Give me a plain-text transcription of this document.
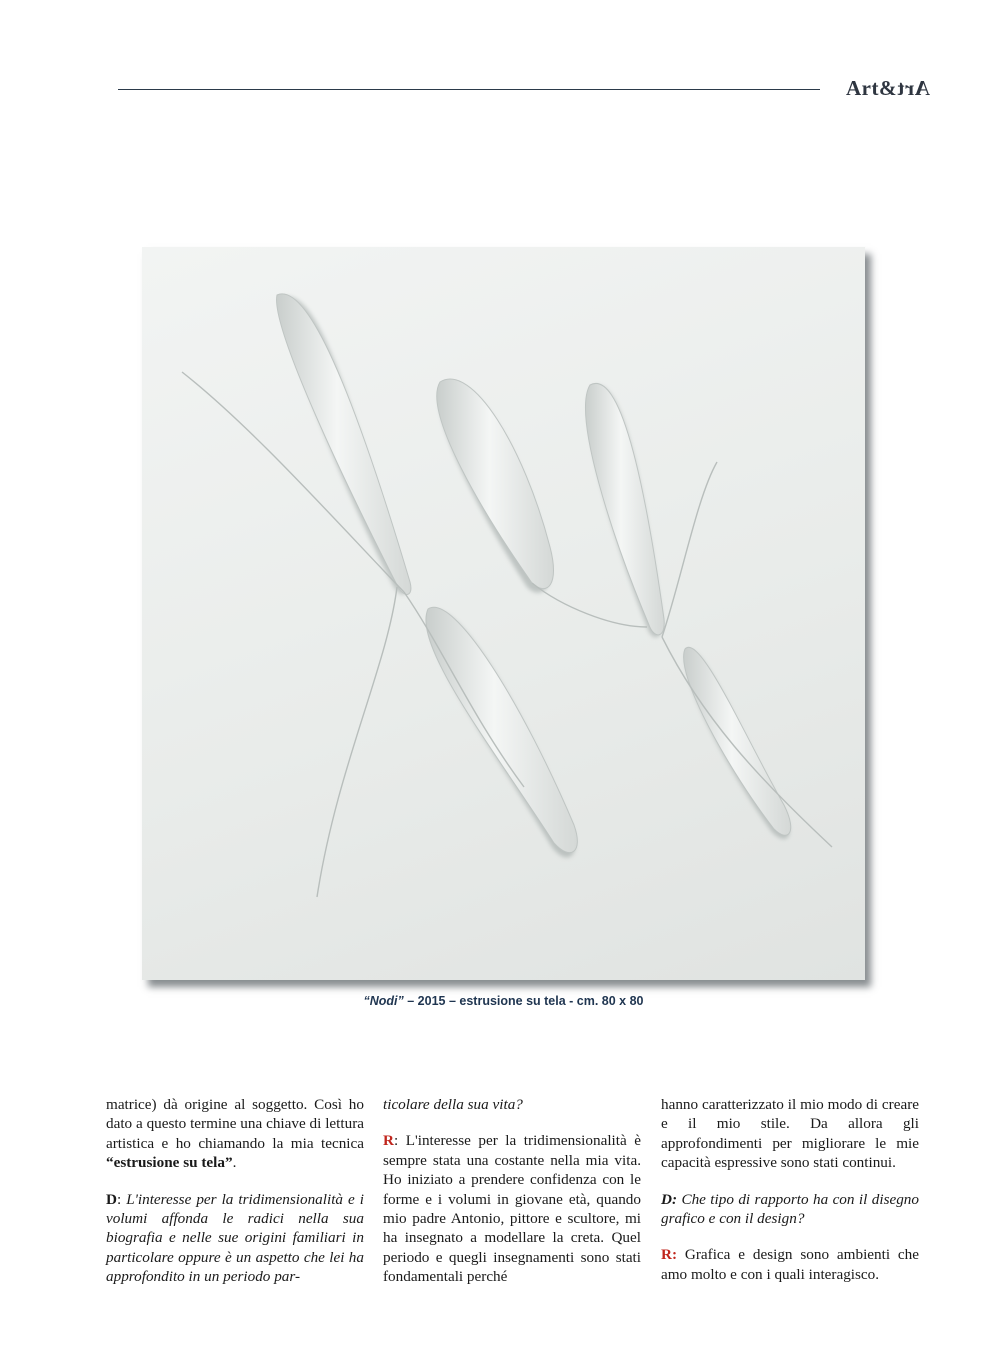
Art&Art
“Nodi” – 2015 – estrusione su tela - cm. 80 x 80

matrice) dà origine al soggetto. Così ho dato a questo termine una chiave di lettura artistica e ho chiamando la mia tecnica “estrusione su tela”.

D: L'interesse per la tridimensionalità e i volumi affonda le radici nella sua biografia e nelle sue origini familiari in particolare oppure è un aspetto che lei ha approfondito in un periodo par-

ticolare della sua vita?

R: L'interesse per la tridimensionalità è sempre stata una costante nella mia vita. Ho iniziato a prendere confidenza con le forme e i volumi in giovane età, quando mio padre Antonio, pittore e scultore, mi ha insegnato a modellare la creta. Quel periodo e quegli insegnamenti sono stati fondamentali perché

hanno caratterizzato il mio modo di creare e il mio stile. Da allora gli approfondimenti per migliorare le mie capacità espressive sono stati continui.

D: Che tipo di rapporto ha con il disegno grafico e con il design?

R: Grafica e design sono ambienti che amo molto e con i quali interagisco.
